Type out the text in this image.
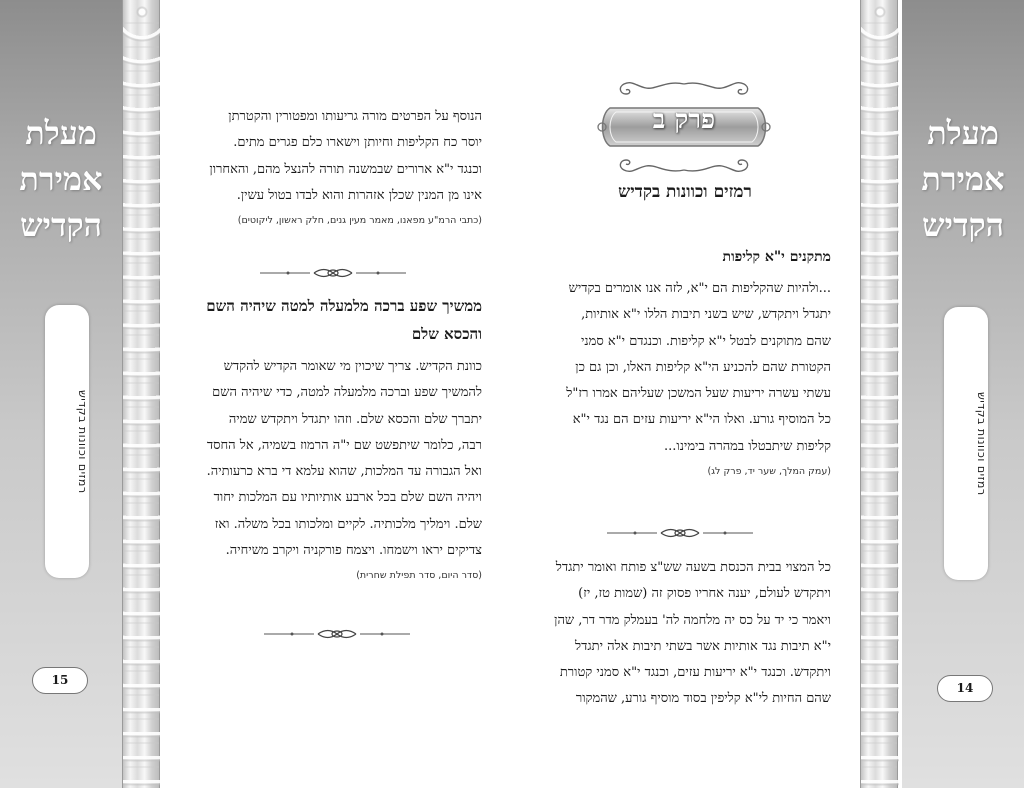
מעלת
אמירת
הקדיש
רמזים וכוונות בקדיש
15
מעלת
אמירת
הקדיש
רמזים וכוונות בקדיש
14
פרק ב
רמזים וכוונות בקדיש
הנוסף על הפרטים מורה גריעותו ומפטורין והקטרתן
יוסר כח הקליפות וחיותן וישארו כלם פגרים מתים.
וכנגד י"א ארורים שבמשנה תורה להנצל מהם, והאחרון
אינו מן המנין שכלן אזהרות והוא לבדו בטול עשין.
(כתבי הרמ"ע מפאנו, מאמר מעין גנים, חלק ראשון, ליקוטים)
ממשיך שפע ברכה מלמעלה למטה שיהיה השם
והכסא שלם
כוונת הקדיש. צריך שיכוין מי שאומר הקדיש להקדש
להמשיך שפע וברכה מלמעלה למטה, כדי שיהיה השם
יתברך שלם והכסא שלם. וזהו יתגדל ויתקדש שמיה
רבה, כלומר שיתפשט שם י"ה הרמוז בשמיה, אל החסד
ואל הגבורה עד המלכות, שהוא עלמא די ברא כרעותיה.
ויהיה השם שלם בכל ארבע אותיותיו עם המלכות יחוד
שלם. וימליך מלכותיה. לקיים ומלכותו בכל משלה. ואז
צדיקים יראו וישמחו. ויצמח פורקניה ויקרב משיחיה.
(סדר היום, סדר תפילת שחרית)
מתקנים י"א קליפות
...ולהיות שהקליפות הם י"א, לזה אנו אומרים בקדיש
יתגדל ויתקדש, שיש בשני תיבות הללו י"א אותיות,
שהם מתוקנים לבטל י"א קליפות. וכנגדם י"א סמני
הקטורת שהם להכניע הי"א קליפות האלו, וכן גם כן
עשתי עשרה יריעות שעל המשכן שעליהם אמרו רז"ל
כל המוסיף גורע. ואלו הי"א יריעות עזים הם נגד י"א
קליפות שיתבטלו במהרה בימינו...
(עמק המלך, שער יד, פרק לג)
כל המצוי בבית הכנסת בשעה שש"צ פותח ואומר יתגדל
ויתקדש לעולם, יענה אחריו פסוק זה (שמות טז, יז)
ויאמר כי יד על כס יה מלחמה לה' בעמלק מדר דר, שהן
י"א תיבות נגד אותיות אשר בשתי תיבות אלה יתגדל
ויתקדש. וכנגד י"א יריעות עזים, וכנגד י"א סמני קטורת
שהם החיות לי"א קליפין בסוד מוסיף גורע, שהמקור
